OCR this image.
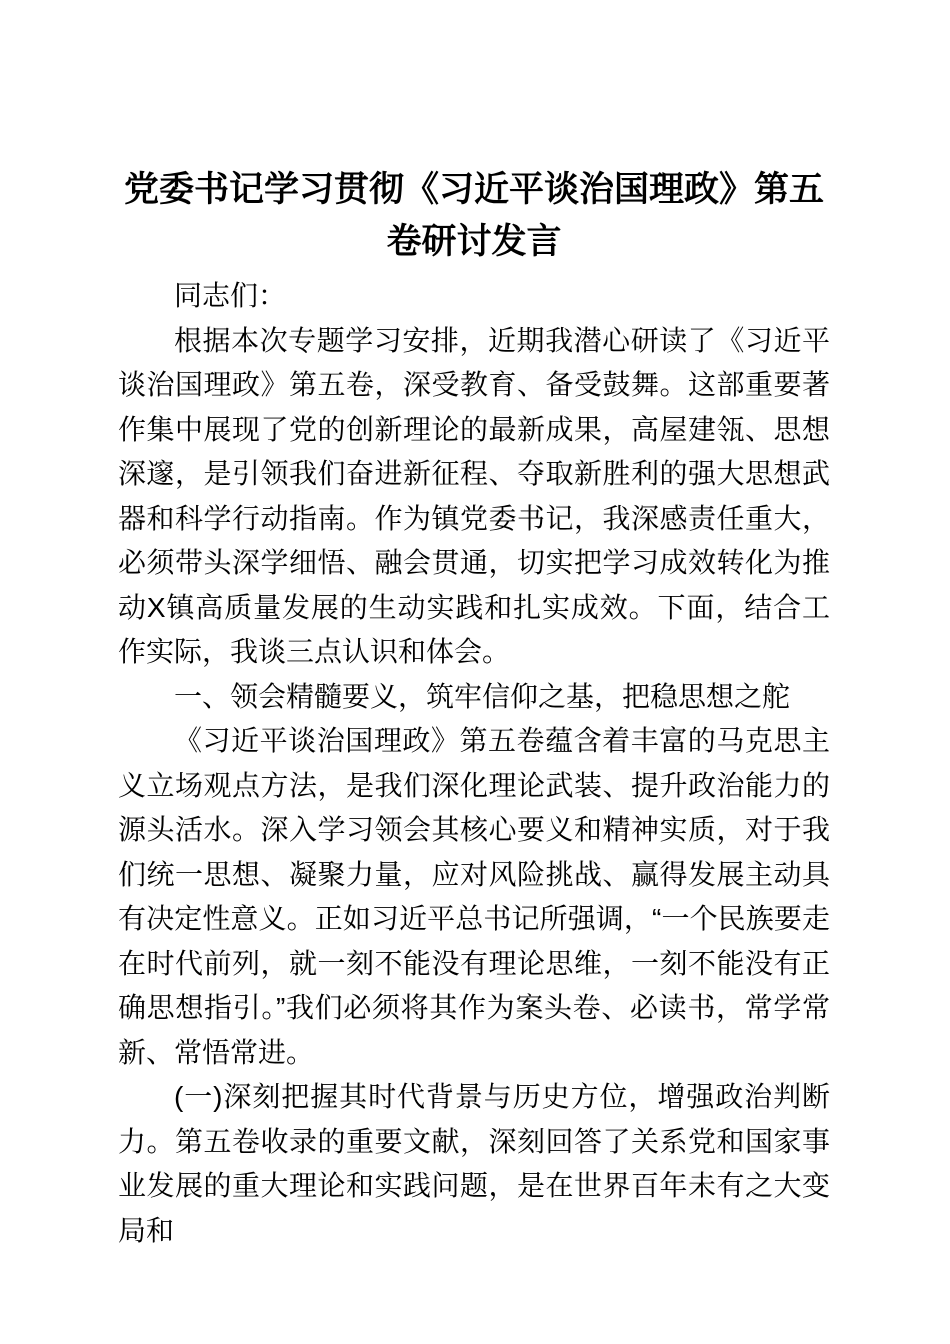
党委书记学习贯彻《习近平谈治国理政》第五卷研讨发言

同志们：

根据本次专题学习安排，近期我潜心研读了《习近平谈治国理政》第五卷，深受教育、备受鼓舞。这部重要著作集中展现了党的创新理论的最新成果，高屋建瓴、思想深邃，是引领我们奋进新征程、夺取新胜利的强大思想武器和科学行动指南。作为镇党委书记，我深感责任重大，必须带头深学细悟、融会贯通，切实把学习成效转化为推动X镇高质量发展的生动实践和扎实成效。下面，结合工作实际，我谈三点认识和体会。

一、领会精髓要义，筑牢信仰之基，把稳思想之舵

《习近平谈治国理政》第五卷蕴含着丰富的马克思主义立场观点方法，是我们深化理论武装、提升政治能力的源头活水。深入学习领会其核心要义和精神实质，对于我们统一思想、凝聚力量，应对风险挑战、赢得发展主动具有决定性意义。正如习近平总书记所强调，“一个民族要走在时代前列，就一刻不能没有理论思维，一刻不能没有正确思想指引。”我们必须将其作为案头卷、必读书，常学常新、常悟常进。

(一)深刻把握其时代背景与历史方位，增强政治判断力。第五卷收录的重要文献，深刻回答了关系党和国家事业发展的重大理论和实践问题，是在世界百年未有之大变局和
